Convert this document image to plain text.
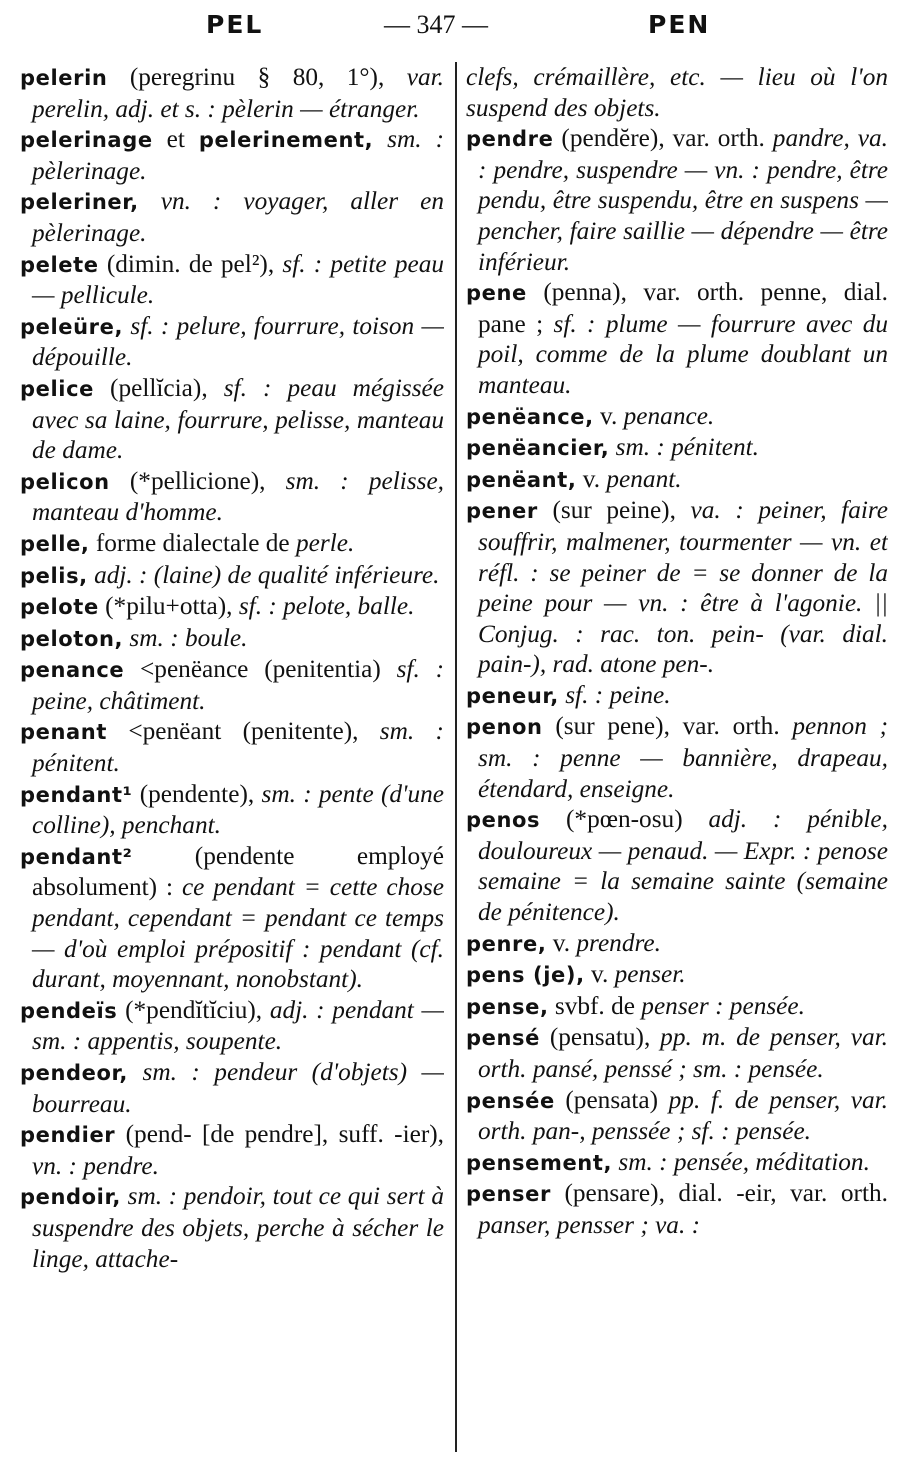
PEL	— 347 —	PEN

pelerin (peregrinu § 80, 1°), var. perelin, adj. et s. : pèlerin — étranger.

pelerinage et pelerinement, sm. : pèlerinage.

peleriner, vn. : voyager, aller en pèlerinage.

pelete (dimin. de pel²), sf. : petite peau — pellicule.

peleüre, sf. : pelure, fourrure, toison — dépouille.

pelice (pellĭcia), sf. : peau mégissée avec sa laine, fourrure, pelisse, manteau de dame.

pelicon (*pellicione), sm. : pelisse, manteau d'homme.

pelle, forme dialectale de perle.

pelis, adj. : (laine) de qualité inférieure.

pelote (*pilu+otta), sf. : pelote, balle.

peloton, sm. : boule.

penance <penëance (penitentia) sf. : peine, châtiment.

penant <penëant (penitente), sm. : pénitent.

pendant¹ (pendente), sm. : pente (d'une colline), penchant.

pendant² (pendente employé absolument) : ce pendant = cette chose pendant, cependant = pendant ce temps — d'où emploi prépositif : pendant (cf. durant, moyennant, nonobstant).

pendeïs (*pendĭtĭciu), adj. : pendant — sm. : appentis, soupente.

pendeor, sm. : pendeur (d'objets) — bourreau.

pendier (pend- [de pendre], suff. -ier), vn. : pendre.

pendoir, sm. : pendoir, tout ce qui sert à suspendre des objets, perche à sécher le linge, attache-

clefs, crémaillère, etc. — lieu où l'on suspend des objets.

pendre (pendĕre), var. orth. pandre, va. : pendre, suspendre — vn. : pendre, être pendu, être suspendu, être en suspens — pencher, faire saillie — dépendre — être inférieur.

pene (penna), var. orth. penne, dial. pane ; sf. : plume — fourrure avec du poil, comme de la plume doublant un manteau.

penëance, v. penance.

penëancier, sm. : pénitent.

penëant, v. penant.

pener (sur peine), va. : peiner, faire souffrir, malmener, tourmenter — vn. et réfl. : se peiner de = se donner de la peine pour — vn. : être à l'agonie. || Conjug. : rac. ton. pein- (var. dial. pain-), rad. atone pen-.

peneur, sf. : peine.

penon (sur pene), var. orth. pennon ; sm. : penne — bannière, drapeau, étendard, enseigne.

penos (*pœn-osu) adj. : pénible, douloureux — penaud. — Expr. : penose semaine = la semaine sainte (semaine de pénitence).

penre, v. prendre.

pens (je), v. penser.

pense, svbf. de penser : pensée.

pensé (pensatu), pp. m. de penser, var. orth. pansé, penssé ; sm. : pensée.

pensée (pensata) pp. f. de penser, var. orth. pan-, penssée ; sf. : pensée.

pensement, sm. : pensée, méditation.

penser (pensare), dial. -eir, var. orth. panser, pensser ; va. :
